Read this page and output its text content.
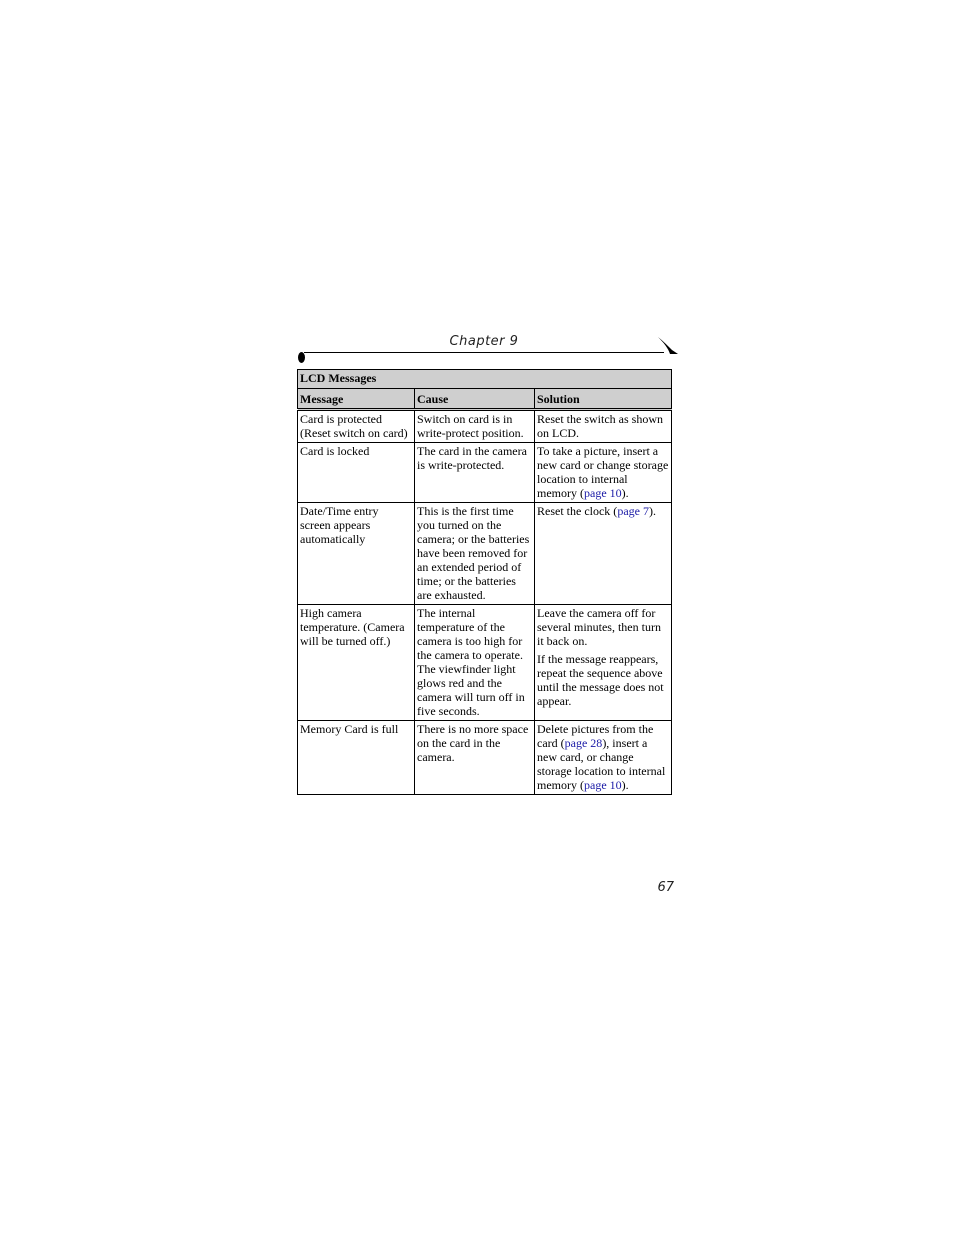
Chapter 9
LCD Messages		
Message	Cause	Solution
Card is protected (Reset switch on card)	Switch on card is in write-protect position.	Reset the switch as shown on LCD.
Card is locked	The card in the camera is write-protected.	To take a picture, insert a new card or change storage location to internal memory (page 10).
Date/Time entry screen appears automatically	This is the first time you turned on the camera; or the batteries have been removed for an extended period of time; or the batteries are exhausted.	Reset the clock (page 7).
High camera temperature. (Camera will be turned off.)	The internal temperature of the camera is too high for the camera to operate. The viewfinder light glows red and the camera will turn off in five seconds.	Leave the camera off for several minutes, then turn it back on.

If the message reappears, repeat the sequence above until the message does not appear.

Memory Card is full	There is no more space on the card in the camera.	Delete pictures from the card (page 28), insert a new card, or change storage location to internal memory (page 10).
67
